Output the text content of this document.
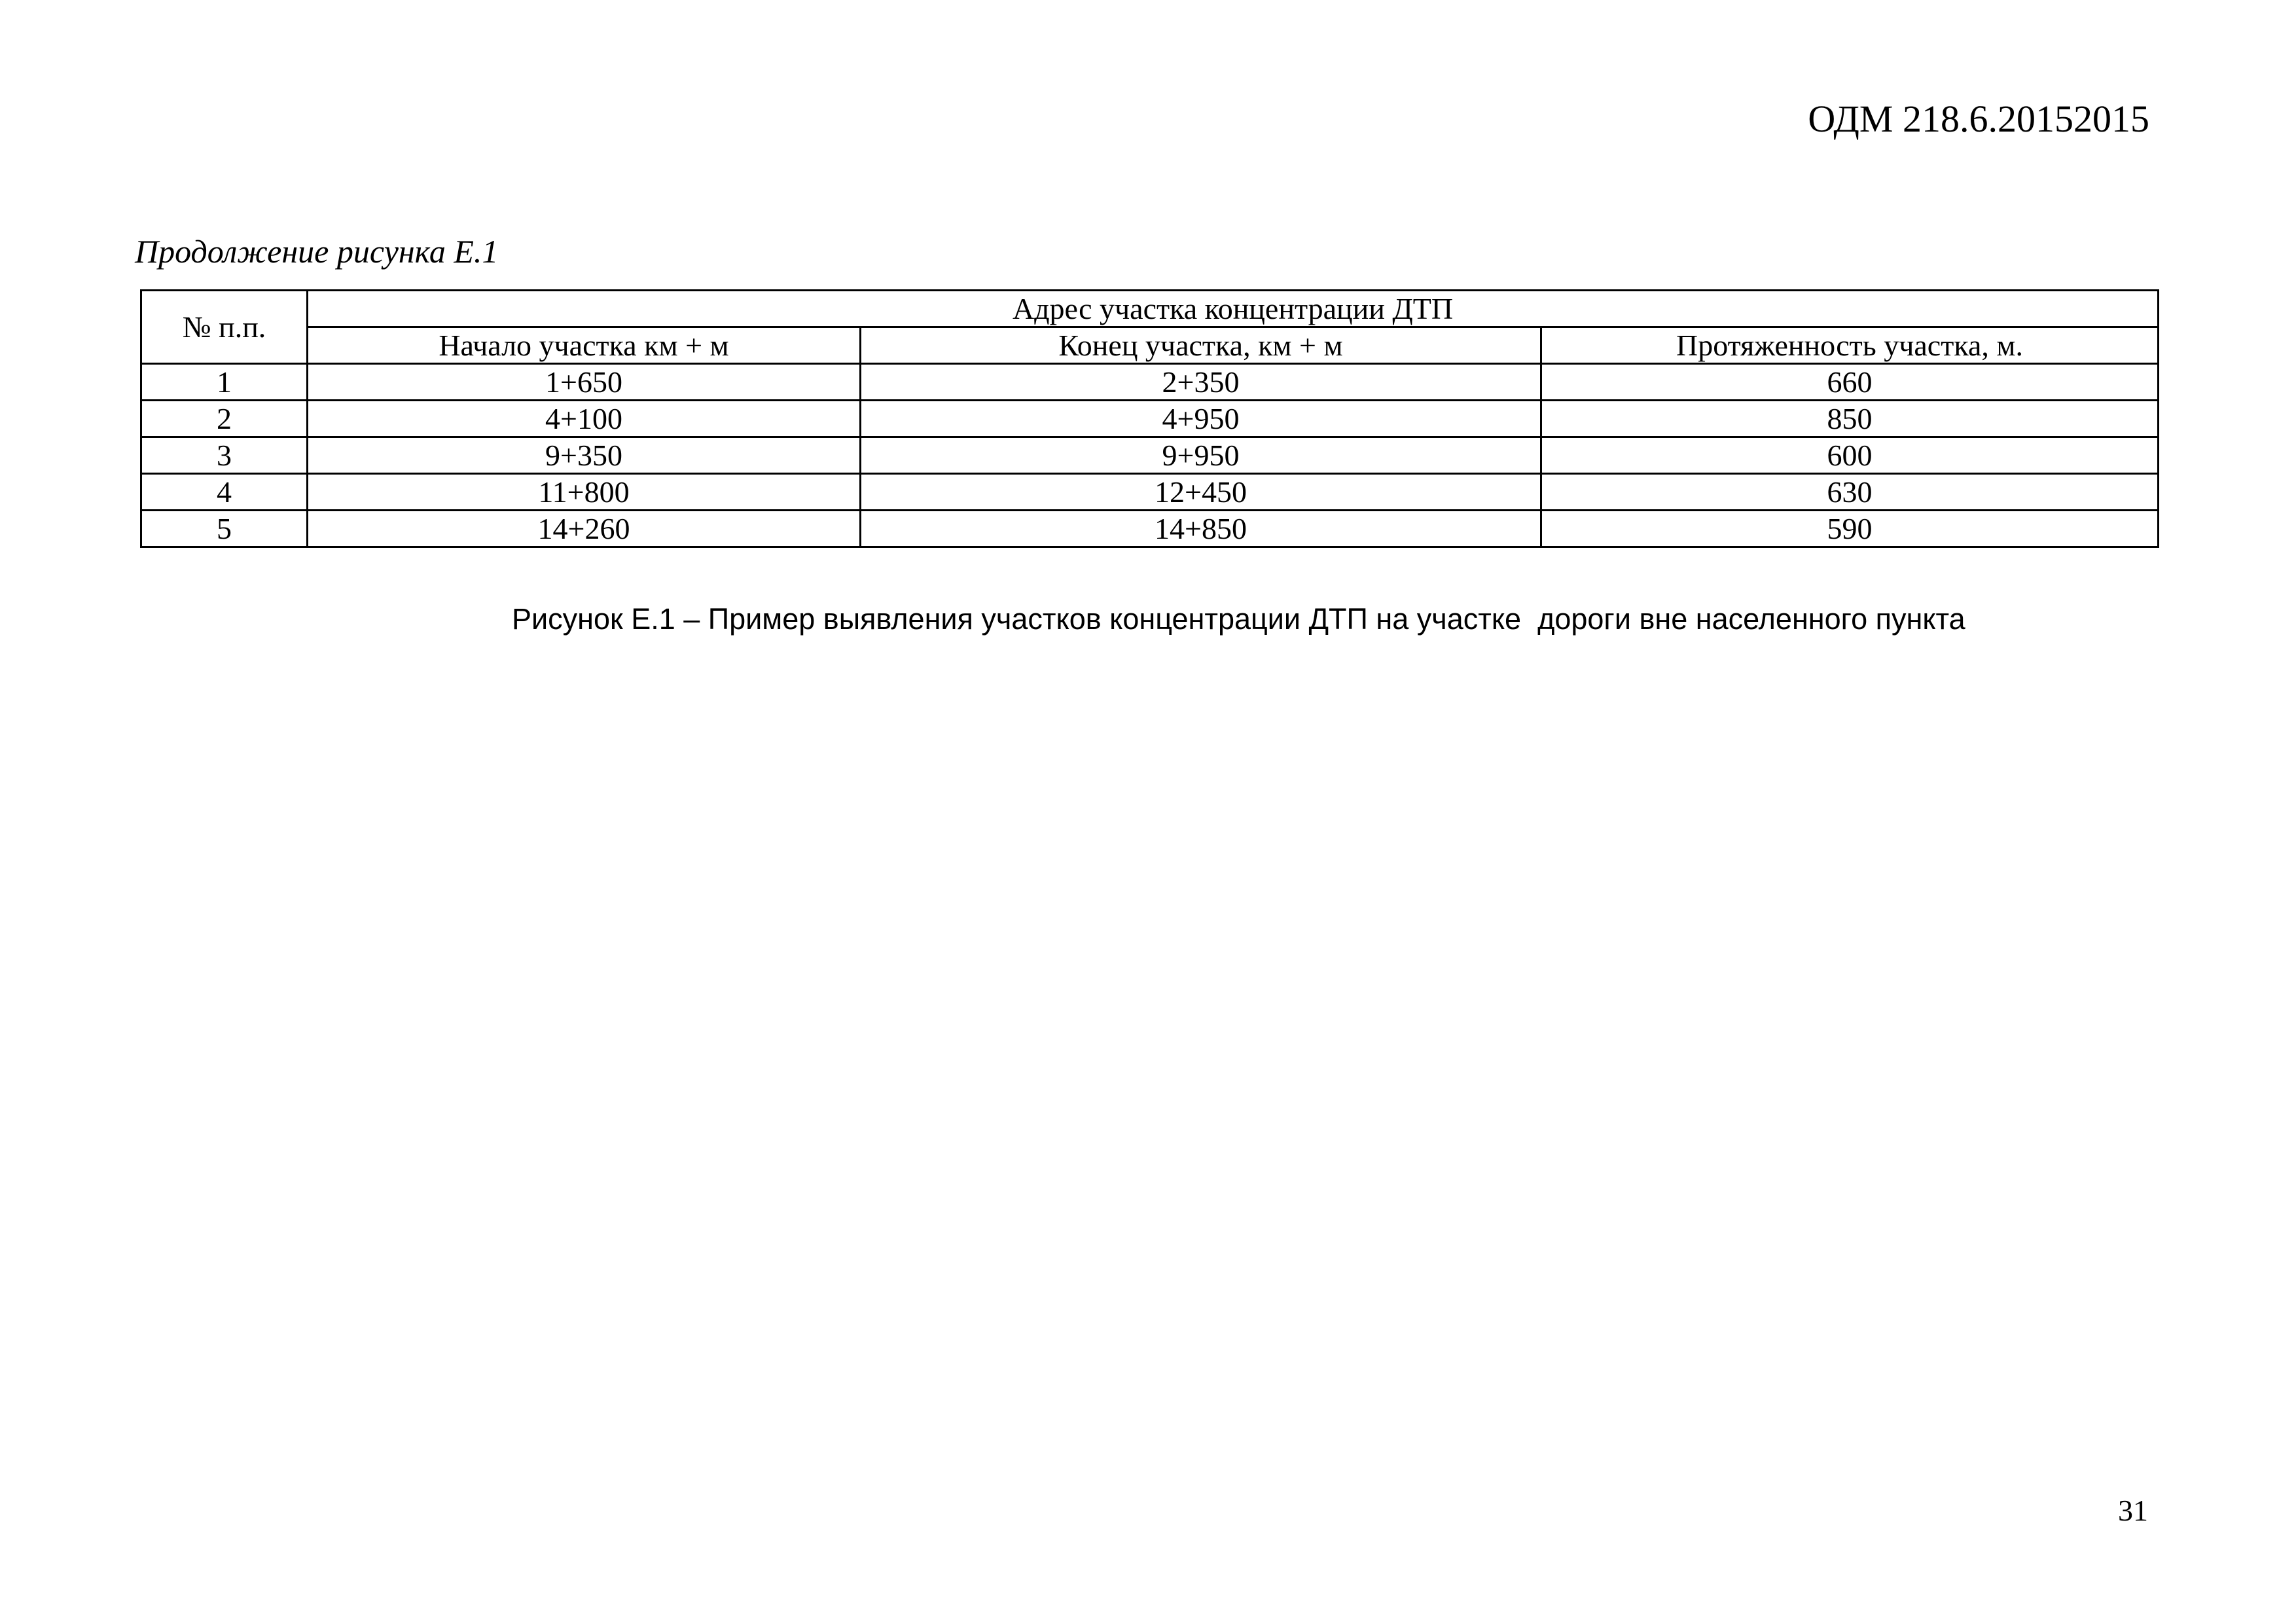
ОДМ 218.6.20152015
Продолжение рисунка Е.1
№ п.п.	Адрес участка концентрации ДТП		
	Начало участка км + м	Конец участка, км + м	Протяженность участка, м.
1	1+650	2+350	660
2	4+100	4+950	850
3	9+350	9+950	600
4	11+800	12+450	630
5	14+260	14+850	590
Рисунок Е.1 – Пример выявления участков концентрации ДТП на участке  дороги вне населенного пункта
31
